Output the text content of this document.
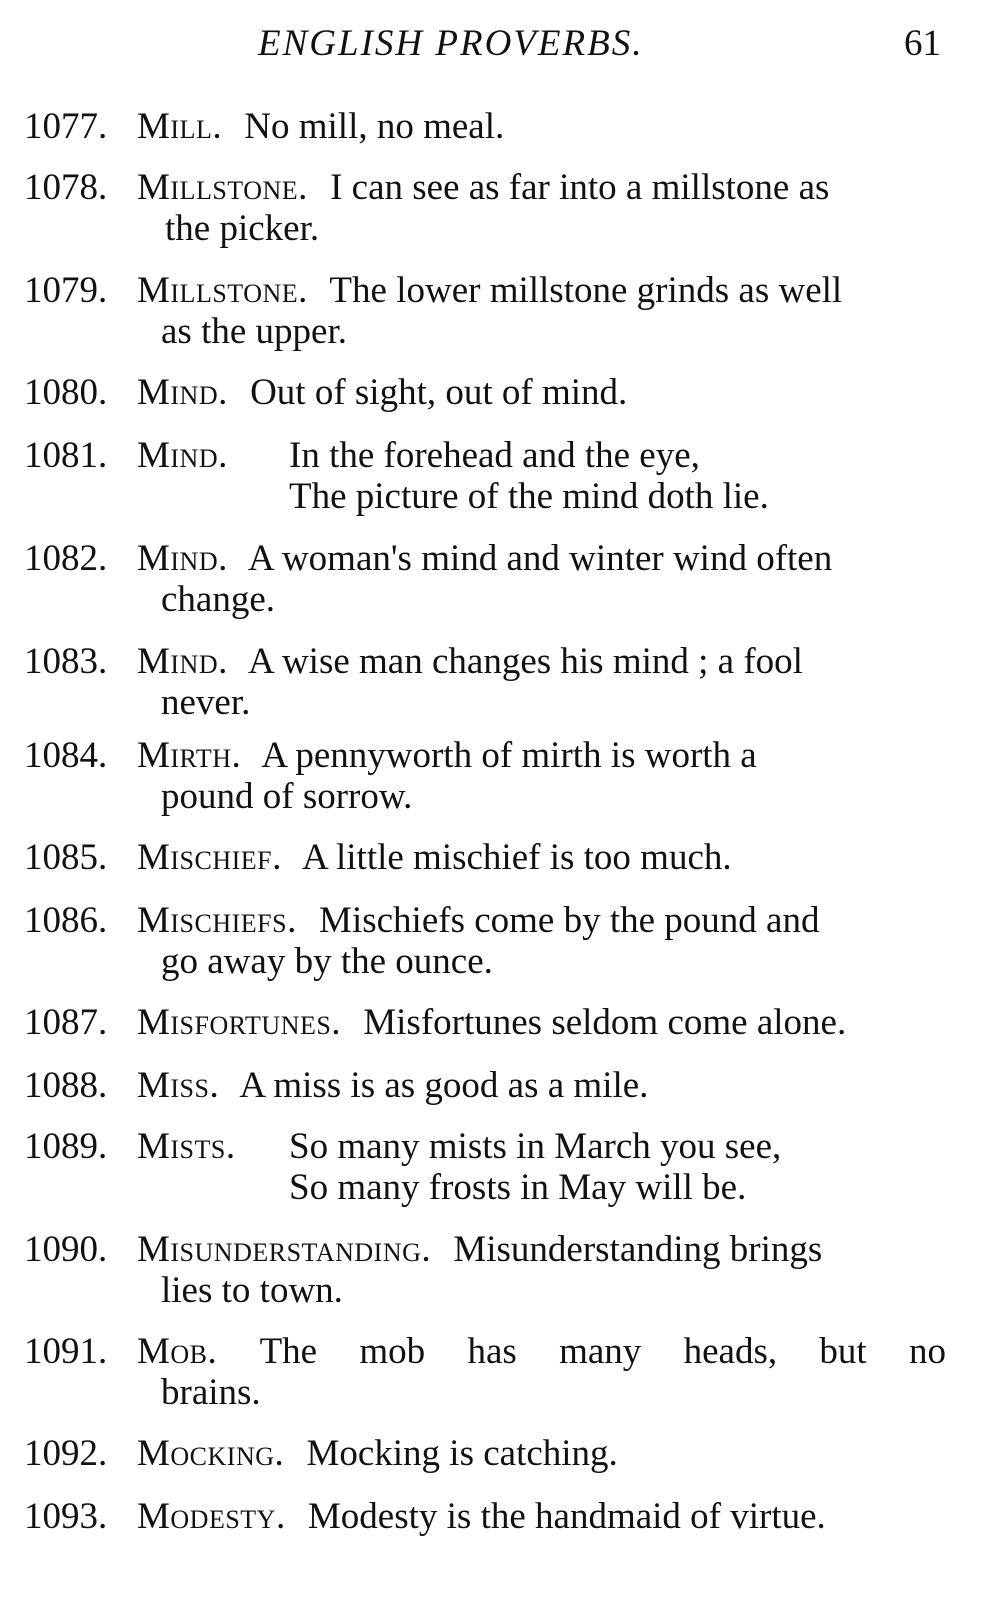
ENGLISH PROVERBS.	61
1077. Mill. No mill, no meal.
1078. Millstone. I can see as far into a millstone as
the picker.
1079. Millstone. The lower millstone grinds as well
as the upper.
1080. Mind. Out of sight, out of mind.
1081. Mind.	In the forehead and the eye,
The picture of the mind doth lie.
1082. Mind. A woman's mind and winter wind often
change.
1083. Mind. A wise man changes his mind ; a fool
never.
1084. Mirth. A pennyworth of mirth is worth a
pound of sorrow.
1085. Mischief. A little mischief is too much.
1086. Mischiefs. Mischiefs come by the pound and
go away by the ounce.
1087. Misfortunes. Misfortunes seldom come alone.
1088. Miss. A miss is as good as a mile.
1089. Mists.	So many mists in March you see,
So many frosts in May will be.
1090. Misunderstanding. Misunderstanding brings
lies to town.
1091. Mob. The mob has many heads, but no
brains.
1092. Mocking. Mocking is catching.
1093. Modesty. Modesty is the handmaid of virtue.
